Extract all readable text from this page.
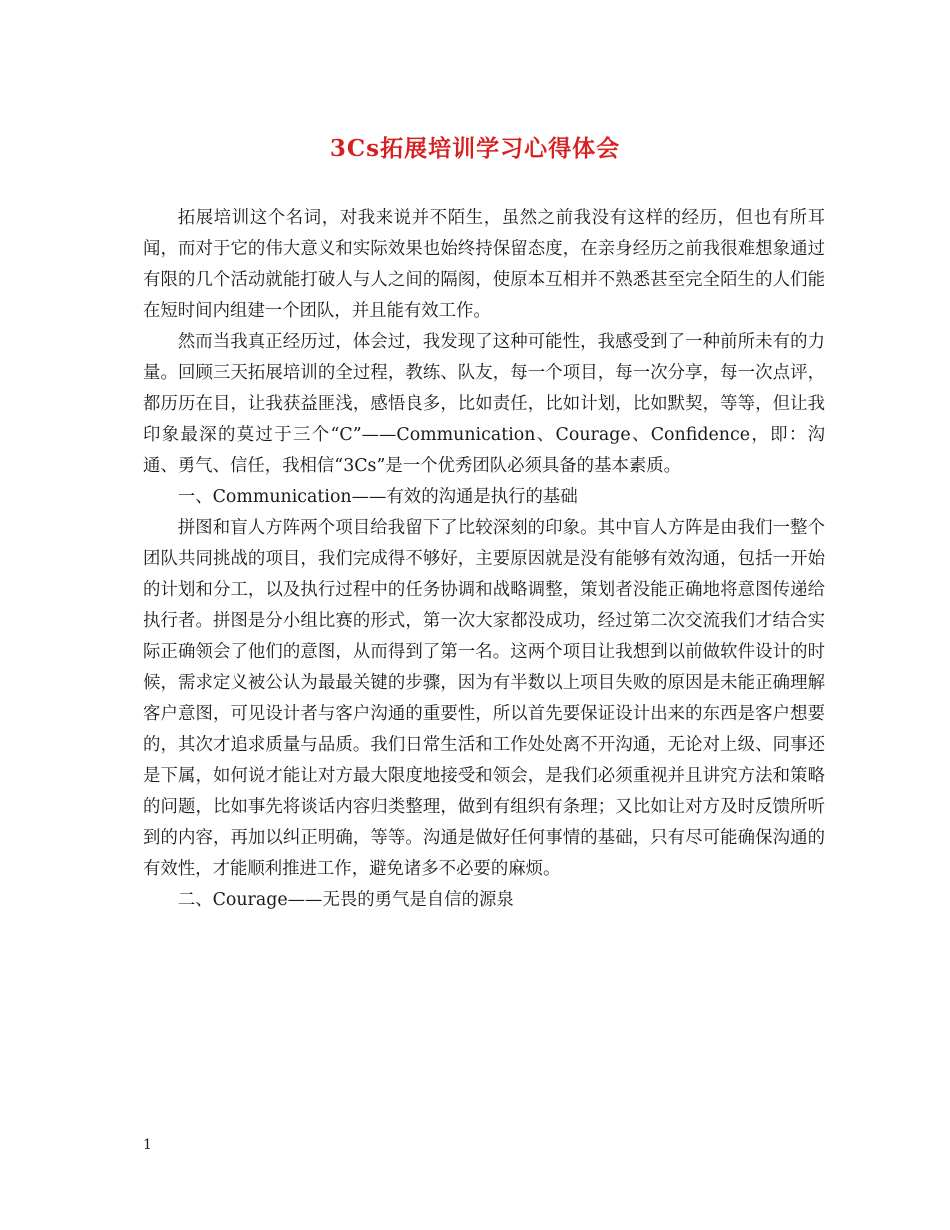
3Cs拓展培训学习心得体会

拓展培训这个名词，对我来说并不陌生，虽然之前我没有这样的经历，但也有所耳闻，而对于它的伟大意义和实际效果也始终持保留态度，在亲身经历之前我很难想象通过有限的几个活动就能打破人与人之间的隔阂，使原本互相并不熟悉甚至完全陌生的人们能在短时间内组建一个团队，并且能有效工作。

然而当我真正经历过，体会过，我发现了这种可能性，我感受到了一种前所未有的力量。回顾三天拓展培训的全过程，教练、队友，每一个项目，每一次分享，每一次点评，都历历在目，让我获益匪浅，感悟良多，比如责任，比如计划，比如默契，等等，但让我印象最深的莫过于三个“C”——Communication、Courage、Confidence，即：沟通、勇气、信任，我相信“3Cs”是一个优秀团队必须具备的基本素质。

一、Communication——有效的沟通是执行的基础

拼图和盲人方阵两个项目给我留下了比较深刻的印象。其中盲人方阵是由我们一整个团队共同挑战的项目，我们完成得不够好，主要原因就是没有能够有效沟通，包括一开始的计划和分工，以及执行过程中的任务协调和战略调整，策划者没能正确地将意图传递给执行者。拼图是分小组比赛的形式，第一次大家都没成功，经过第二次交流我们才结合实际正确领会了他们的意图，从而得到了第一名。这两个项目让我想到以前做软件设计的时候，需求定义被公认为最最关键的步骤，因为有半数以上项目失败的原因是未能正确理解客户意图，可见设计者与客户沟通的重要性，所以首先要保证设计出来的东西是客户想要的，其次才追求质量与品质。我们日常生活和工作处处离不开沟通，无论对上级、同事还是下属，如何说才能让对方最大限度地接受和领会，是我们必须重视并且讲究方法和策略的问题，比如事先将谈话内容归类整理，做到有组织有条理；又比如让对方及时反馈所听到的内容，再加以纠正明确，等等。沟通是做好任何事情的基础，只有尽可能确保沟通的有效性，才能顺利推进工作，避免诸多不必要的麻烦。

二、Courage——无畏的勇气是自信的源泉

1
